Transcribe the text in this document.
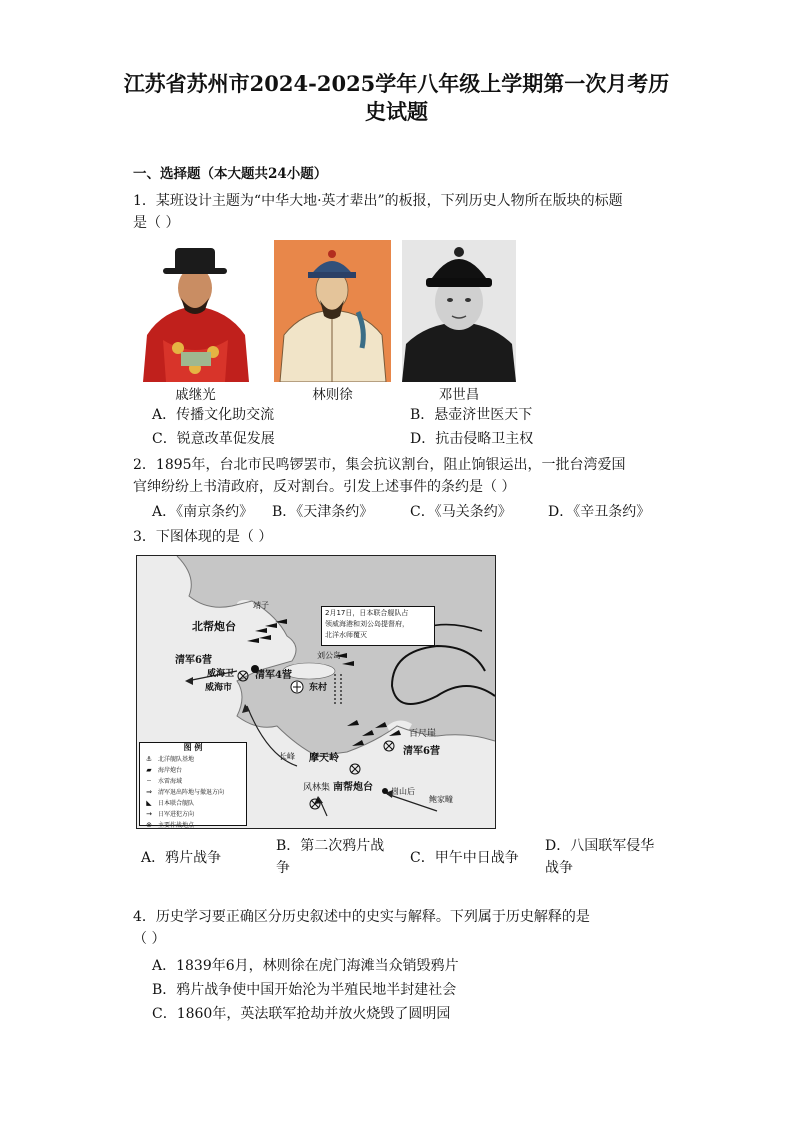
江苏省苏州市2024-2025学年八年级上学期第一次月考历
史试题
一、选择题（本大题共24小题）
1．某班设计主题为“中华大地·英才辈出”的板报，下列历史人物所在版块的标题
是（ ）
戚继光	林则徐	邓世昌
A．传播文化助交流	B．悬壶济世医天下
C．锐意改革促发展	D．抗击侵略卫主权
2．1895年，台北市民鸣锣罢市，集会抗议割台，阻止饷银运出，一批台湾爱国
官绅纷纷上书清政府，反对割台。引发上述事件的条约是（ ）
A．《南京条约》 B．《天津条约》	C．《马关条约》	D．《辛丑条约》
3．下图体现的是（ ）
2月17日，日本联合舰队占
领威海港和刘公岛提督府，
北洋水师覆灭
靖子
北帮炮台
清军6营
威海卫
威海市
清军4营
刘公岛
东村
百尺崖
清军6营
长峰 摩天岭
南帮炮台
风林集	崮山后
鲍家疃
图 例
⚓ 北洋舰队基地
▰	海岸炮台
┈	水雷海域
⇒	清军退出阵地与撤退方向
◣	日本联合舰队
→	日军进犯方向
⊗	主要作战地点
A．鸦片战争
B．第二次鸦片战
争
C．甲午中日战争
D．八国联军侵华
战争
4．历史学习要正确区分历史叙述中的史实与解释。下列属于历史解释的是
（ ）
A．1839年6月，林则徐在虎门海滩当众销毁鸦片
B．鸦片战争使中国开始沦为半殖民地半封建社会
C．1860年，英法联军抢劫并放火烧毁了圆明园
